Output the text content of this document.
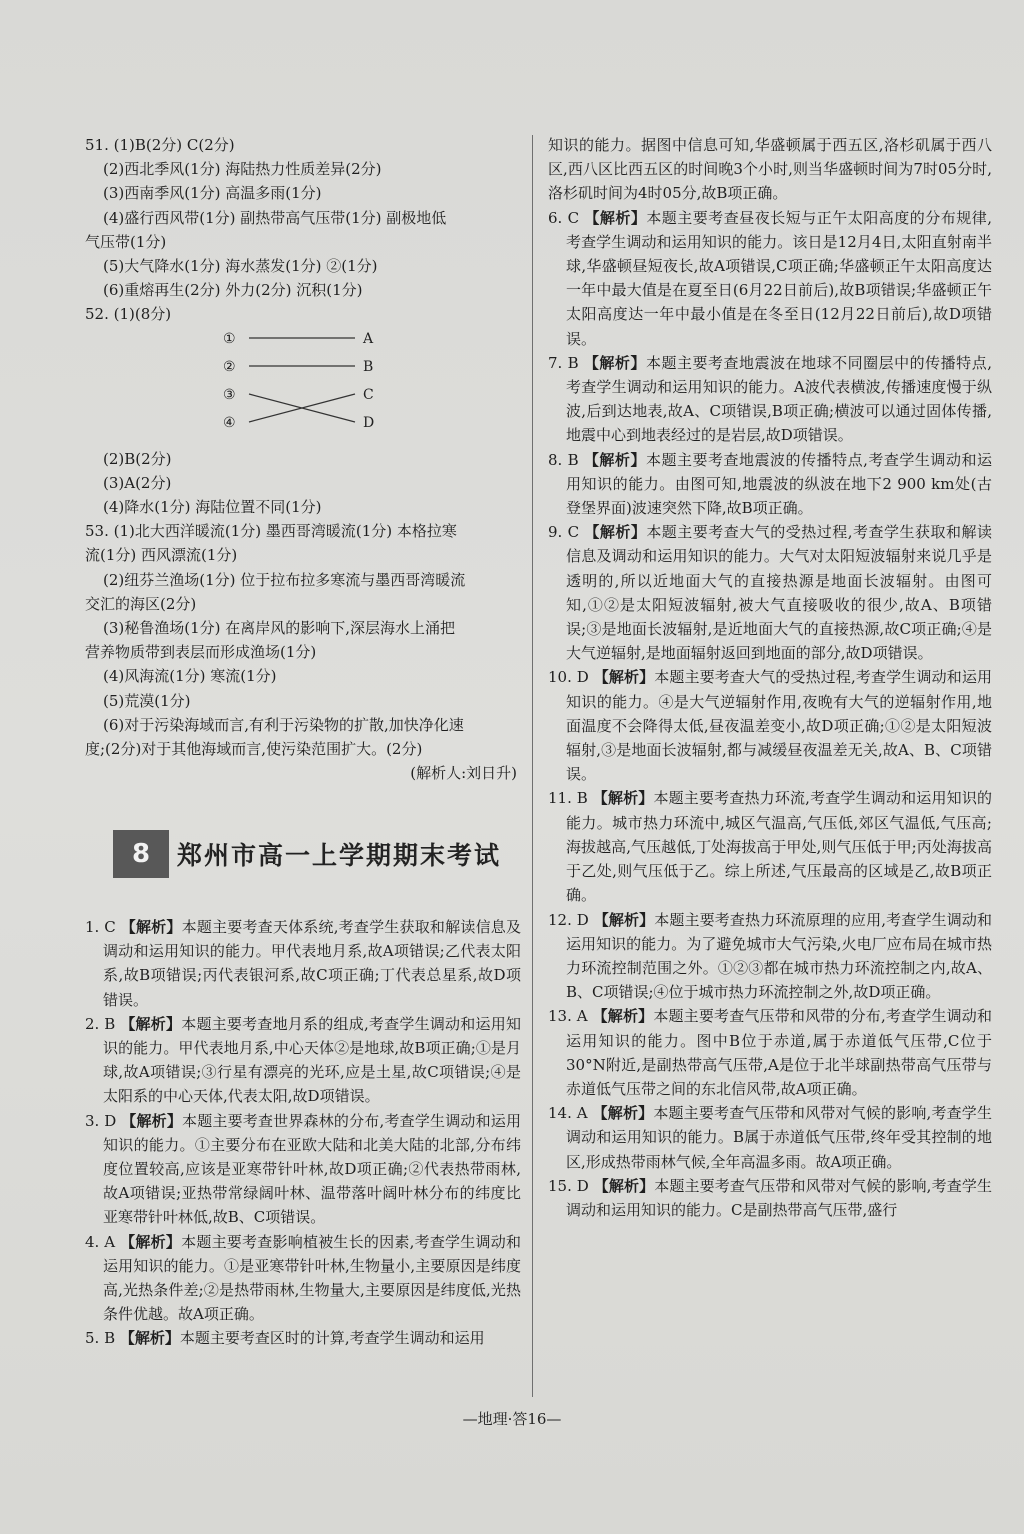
51. (1)B(2分) C(2分)
(2)西北季风(1分) 海陆热力性质差异(2分)
(3)西南季风(1分) 高温多雨(1分)
(4)盛行西风带(1分) 副热带高气压带(1分) 副极地低
气压带(1分)
(5)大气降水(1分) 海水蒸发(1分) ②(1分)
(6)重熔再生(2分) 外力(2分) 沉积(1分)
52. (1)(8分)
①
②
③
④
A
B
C
D
(2)B(2分)
(3)A(2分)
(4)降水(1分) 海陆位置不同(1分)
53. (1)北大西洋暖流(1分) 墨西哥湾暖流(1分) 本格拉寒
流(1分) 西风漂流(1分)
(2)纽芬兰渔场(1分) 位于拉布拉多寒流与墨西哥湾暖流
交汇的海区(2分)
(3)秘鲁渔场(1分) 在离岸风的影响下,深层海水上涌把
营养物质带到表层而形成渔场(1分)
(4)风海流(1分) 寒流(1分)
(5)荒漠(1分)
(6)对于污染海域而言,有利于污染物的扩散,加快净化速
度;(2分)对于其他海域而言,使污染范围扩大。(2分)
(解析人:刘日升)
8	郑州市高一上学期期末考试
1. C 【解析】本题主要考查天体系统,考查学生获取和解读信息及调动和运用知识的能力。甲代表地月系,故A项错误;乙代表太阳系,故B项错误;丙代表银河系,故C项正确;丁代表总星系,故D项错误。
2. B 【解析】本题主要考查地月系的组成,考查学生调动和运用知识的能力。甲代表地月系,中心天体②是地球,故B项正确;①是月球,故A项错误;③行星有漂亮的光环,应是土星,故C项错误;④是太阳系的中心天体,代表太阳,故D项错误。
3. D 【解析】本题主要考查世界森林的分布,考查学生调动和运用知识的能力。①主要分布在亚欧大陆和北美大陆的北部,分布纬度位置较高,应该是亚寒带针叶林,故D项正确;②代表热带雨林,故A项错误;亚热带常绿阔叶林、温带落叶阔叶林分布的纬度比亚寒带针叶林低,故B、C项错误。
4. A 【解析】本题主要考查影响植被生长的因素,考查学生调动和运用知识的能力。①是亚寒带针叶林,生物量小,主要原因是纬度高,光热条件差;②是热带雨林,生物量大,主要原因是纬度低,光热条件优越。故A项正确。
5. B 【解析】本题主要考查区时的计算,考查学生调动和运用
知识的能力。据图中信息可知,华盛顿属于西五区,洛杉矶属于西八区,西八区比西五区的时间晚3个小时,则当华盛顿时间为7时05分时,洛杉矶时间为4时05分,故B项正确。
6. C 【解析】本题主要考查昼夜长短与正午太阳高度的分布规律,考查学生调动和运用知识的能力。该日是12月4日,太阳直射南半球,华盛顿昼短夜长,故A项错误,C项正确;华盛顿正午太阳高度达一年中最大值是在夏至日(6月22日前后),故B项错误;华盛顿正午太阳高度达一年中最小值是在冬至日(12月22日前后),故D项错误。
7. B 【解析】本题主要考查地震波在地球不同圈层中的传播特点,考查学生调动和运用知识的能力。A波代表横波,传播速度慢于纵波,后到达地表,故A、C项错误,B项正确;横波可以通过固体传播,地震中心到地表经过的是岩层,故D项错误。
8. B 【解析】本题主要考查地震波的传播特点,考查学生调动和运用知识的能力。由图可知,地震波的纵波在地下2 900 km处(古登堡界面)波速突然下降,故B项正确。
9. C 【解析】本题主要考查大气的受热过程,考查学生获取和解读信息及调动和运用知识的能力。大气对太阳短波辐射来说几乎是透明的,所以近地面大气的直接热源是地面长波辐射。由图可知,①②是太阳短波辐射,被大气直接吸收的很少,故A、B项错误;③是地面长波辐射,是近地面大气的直接热源,故C项正确;④是大气逆辐射,是地面辐射返回到地面的部分,故D项错误。
10. D 【解析】本题主要考查大气的受热过程,考查学生调动和运用知识的能力。④是大气逆辐射作用,夜晚有大气的逆辐射作用,地面温度不会降得太低,昼夜温差变小,故D项正确;①②是太阳短波辐射,③是地面长波辐射,都与减缓昼夜温差无关,故A、B、C项错误。
11. B 【解析】本题主要考查热力环流,考查学生调动和运用知识的能力。城市热力环流中,城区气温高,气压低,郊区气温低,气压高;海拔越高,气压越低,丁处海拔高于甲处,则气压低于甲;丙处海拔高于乙处,则气压低于乙。综上所述,气压最高的区域是乙,故B项正确。
12. D 【解析】本题主要考查热力环流原理的应用,考查学生调动和运用知识的能力。为了避免城市大气污染,火电厂应布局在城市热力环流控制范围之外。①②③都在城市热力环流控制之内,故A、B、C项错误;④位于城市热力环流控制之外,故D项正确。
13. A 【解析】本题主要考查气压带和风带的分布,考查学生调动和运用知识的能力。图中B位于赤道,属于赤道低气压带,C位于30°N附近,是副热带高气压带,A是位于北半球副热带高气压带与赤道低气压带之间的东北信风带,故A项正确。
14. A 【解析】本题主要考查气压带和风带对气候的影响,考查学生调动和运用知识的能力。B属于赤道低气压带,终年受其控制的地区,形成热带雨林气候,全年高温多雨。故A项正确。
15. D 【解析】本题主要考查气压带和风带对气候的影响,考查学生调动和运用知识的能力。C是副热带高气压带,盛行
—地理·答16—
